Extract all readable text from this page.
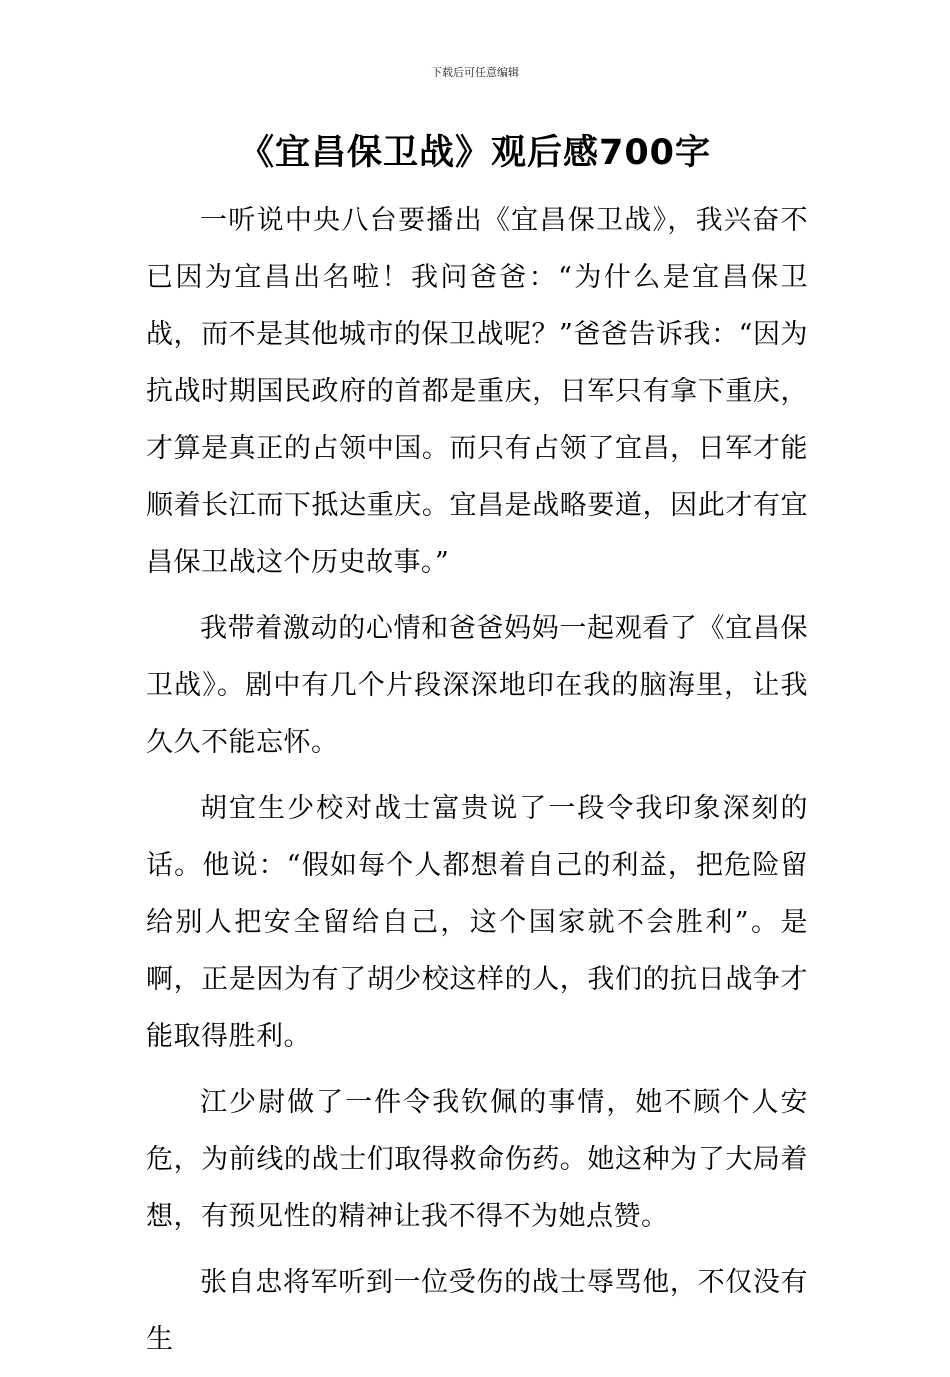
下载后可任意编辑
《宜昌保卫战》观后感700字

一听说中央八台要播出《宜昌保卫战》，我兴奋不已因为宜昌出名啦！我问爸爸：“为什么是宜昌保卫战，而不是其他城市的保卫战呢？”爸爸告诉我：“因为抗战时期国民政府的首都是重庆，日军只有拿下重庆，才算是真正的占领中国。而只有占领了宜昌，日军才能顺着长江而下抵达重庆。宜昌是战略要道，因此才有宜昌保卫战这个历史故事。”

我带着激动的心情和爸爸妈妈一起观看了《宜昌保卫战》。剧中有几个片段深深地印在我的脑海里，让我久久不能忘怀。

胡宜生少校对战士富贵说了一段令我印象深刻的话。他说：“假如每个人都想着自己的利益，把危险留给别人把安全留给自己，这个国家就不会胜利”。是啊，正是因为有了胡少校这样的人，我们的抗日战争才能取得胜利。

江少尉做了一件令我钦佩的事情，她不顾个人安危，为前线的战士们取得救命伤药。她这种为了大局着想，有预见性的精神让我不得不为她点赞。

张自忠将军听到一位受伤的战士辱骂他，不仅没有生
